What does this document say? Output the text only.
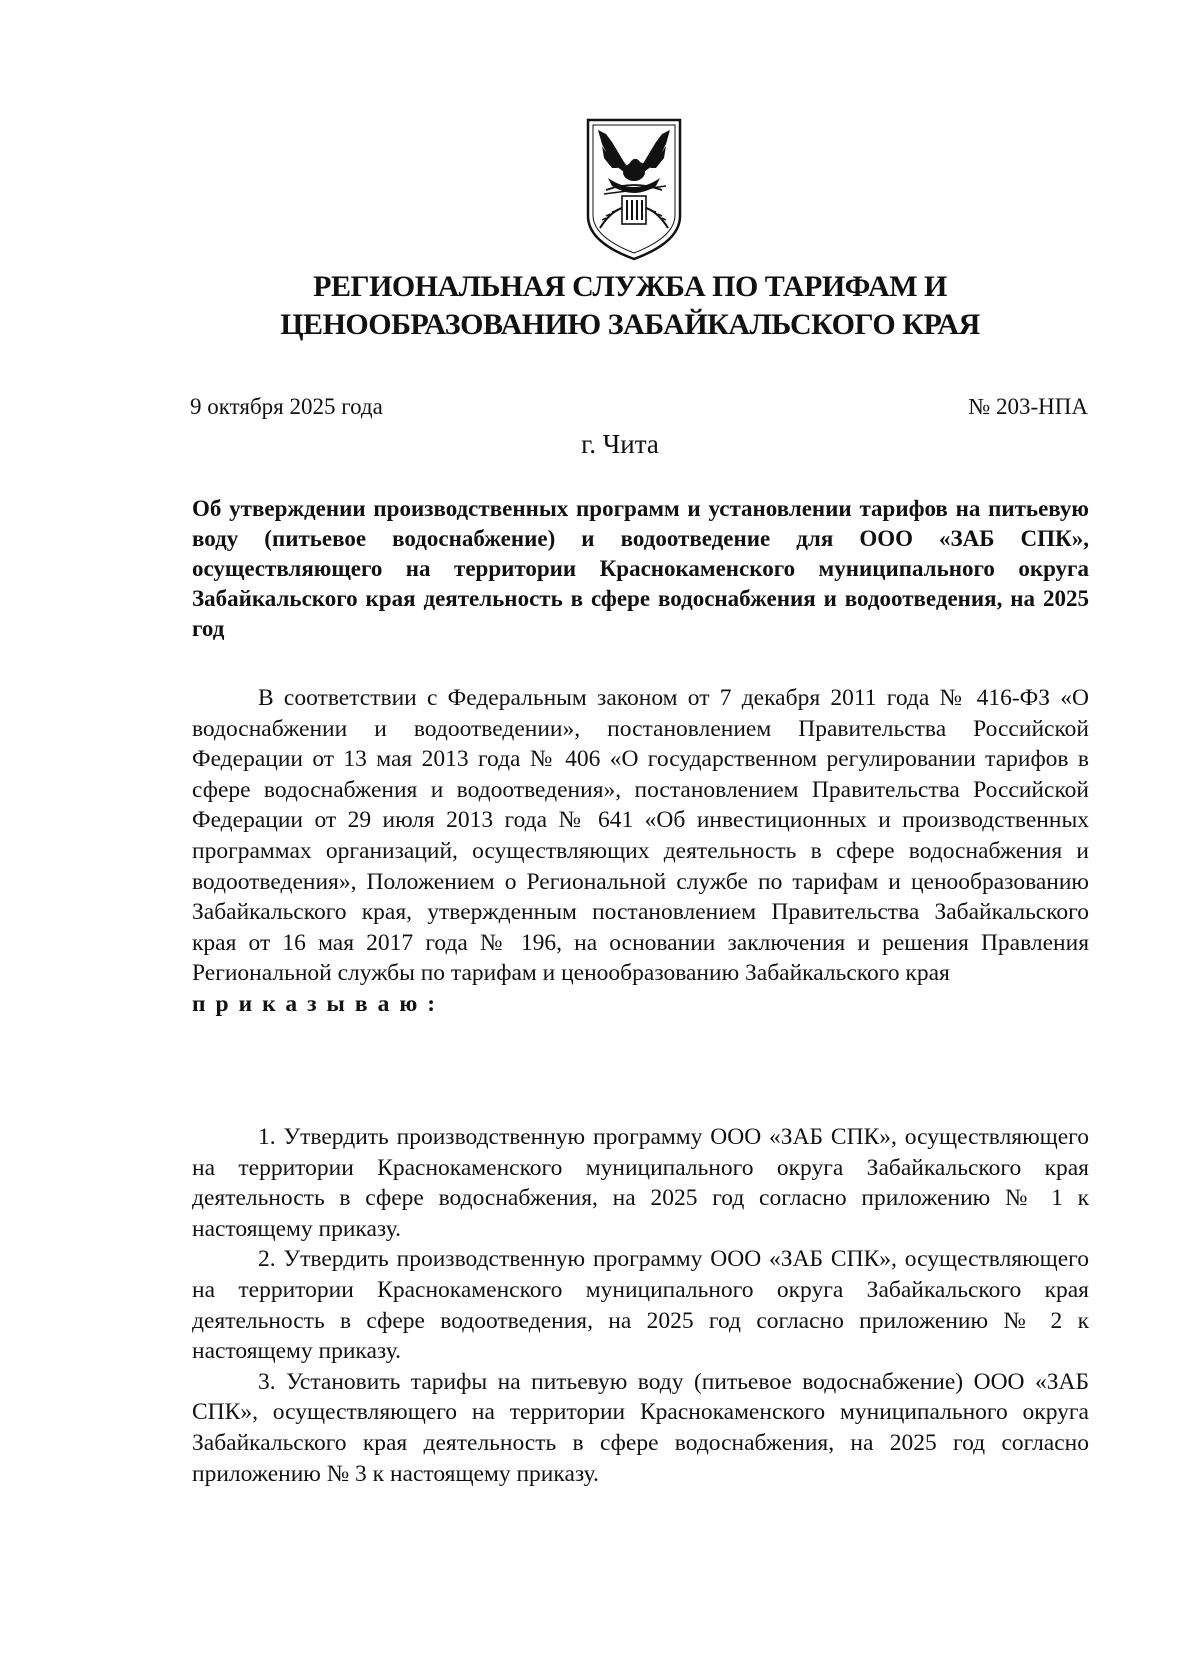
РЕГИОНАЛЬНАЯ СЛУЖБА ПО ТАРИФАМ И ЦЕНООБРАЗОВАНИЮ ЗАБАЙКАЛЬСКОГО КРАЯ
9 октября 2025 года	№ 203-НПА
г. Чита

Об утверждении производственных программ и установлении тарифов на питьевую воду (питьевое водоснабжение) и водоотведение для ООО «ЗАБ СПК», осуществляющего на территории Краснокаменского муниципального округа Забайкальского края деятельность в сфере водоснабжения и водоотведения, на 2025 год

В соответствии с Федеральным законом от 7 декабря 2011 года № 416-ФЗ «О водоснабжении и водоотведении», постановлением Правительства Российской Федерации от 13 мая 2013 года № 406 «О государственном регулировании тарифов в сфере водоснабжения и водоотведения», постановлением Правительства Российской Федерации от 29 июля 2013 года № 641 «Об инвестиционных и производственных программах организаций, осуществляющих деятельность в сфере водоснабжения и водоотведения», Положением о Региональной службе по тарифам и ценообразованию Забайкальского края, утвержденным постановлением Правительства Забайкальского края от 16 мая 2017 года № 196, на основании заключения и решения Правления Региональной службы по тарифам и ценообразованию Забайкальского края

приказываю:

1. Утвердить производственную программу ООО «ЗАБ СПК», осуществляющего на территории Краснокаменского муниципального округа Забайкальского края деятельность в сфере водоснабжения, на 2025 год согласно приложению № 1 к настоящему приказу.

2. Утвердить производственную программу ООО «ЗАБ СПК», осуществляющего на территории Краснокаменского муниципального округа Забайкальского края деятельность в сфере водоотведения, на 2025 год согласно приложению № 2 к настоящему приказу.

3. Установить тарифы на питьевую воду (питьевое водоснабжение) ООО «ЗАБ СПК», осуществляющего на территории Краснокаменского муниципального округа Забайкальского края деятельность в сфере водоснабжения, на 2025 год согласно приложению № 3 к настоящему приказу.
